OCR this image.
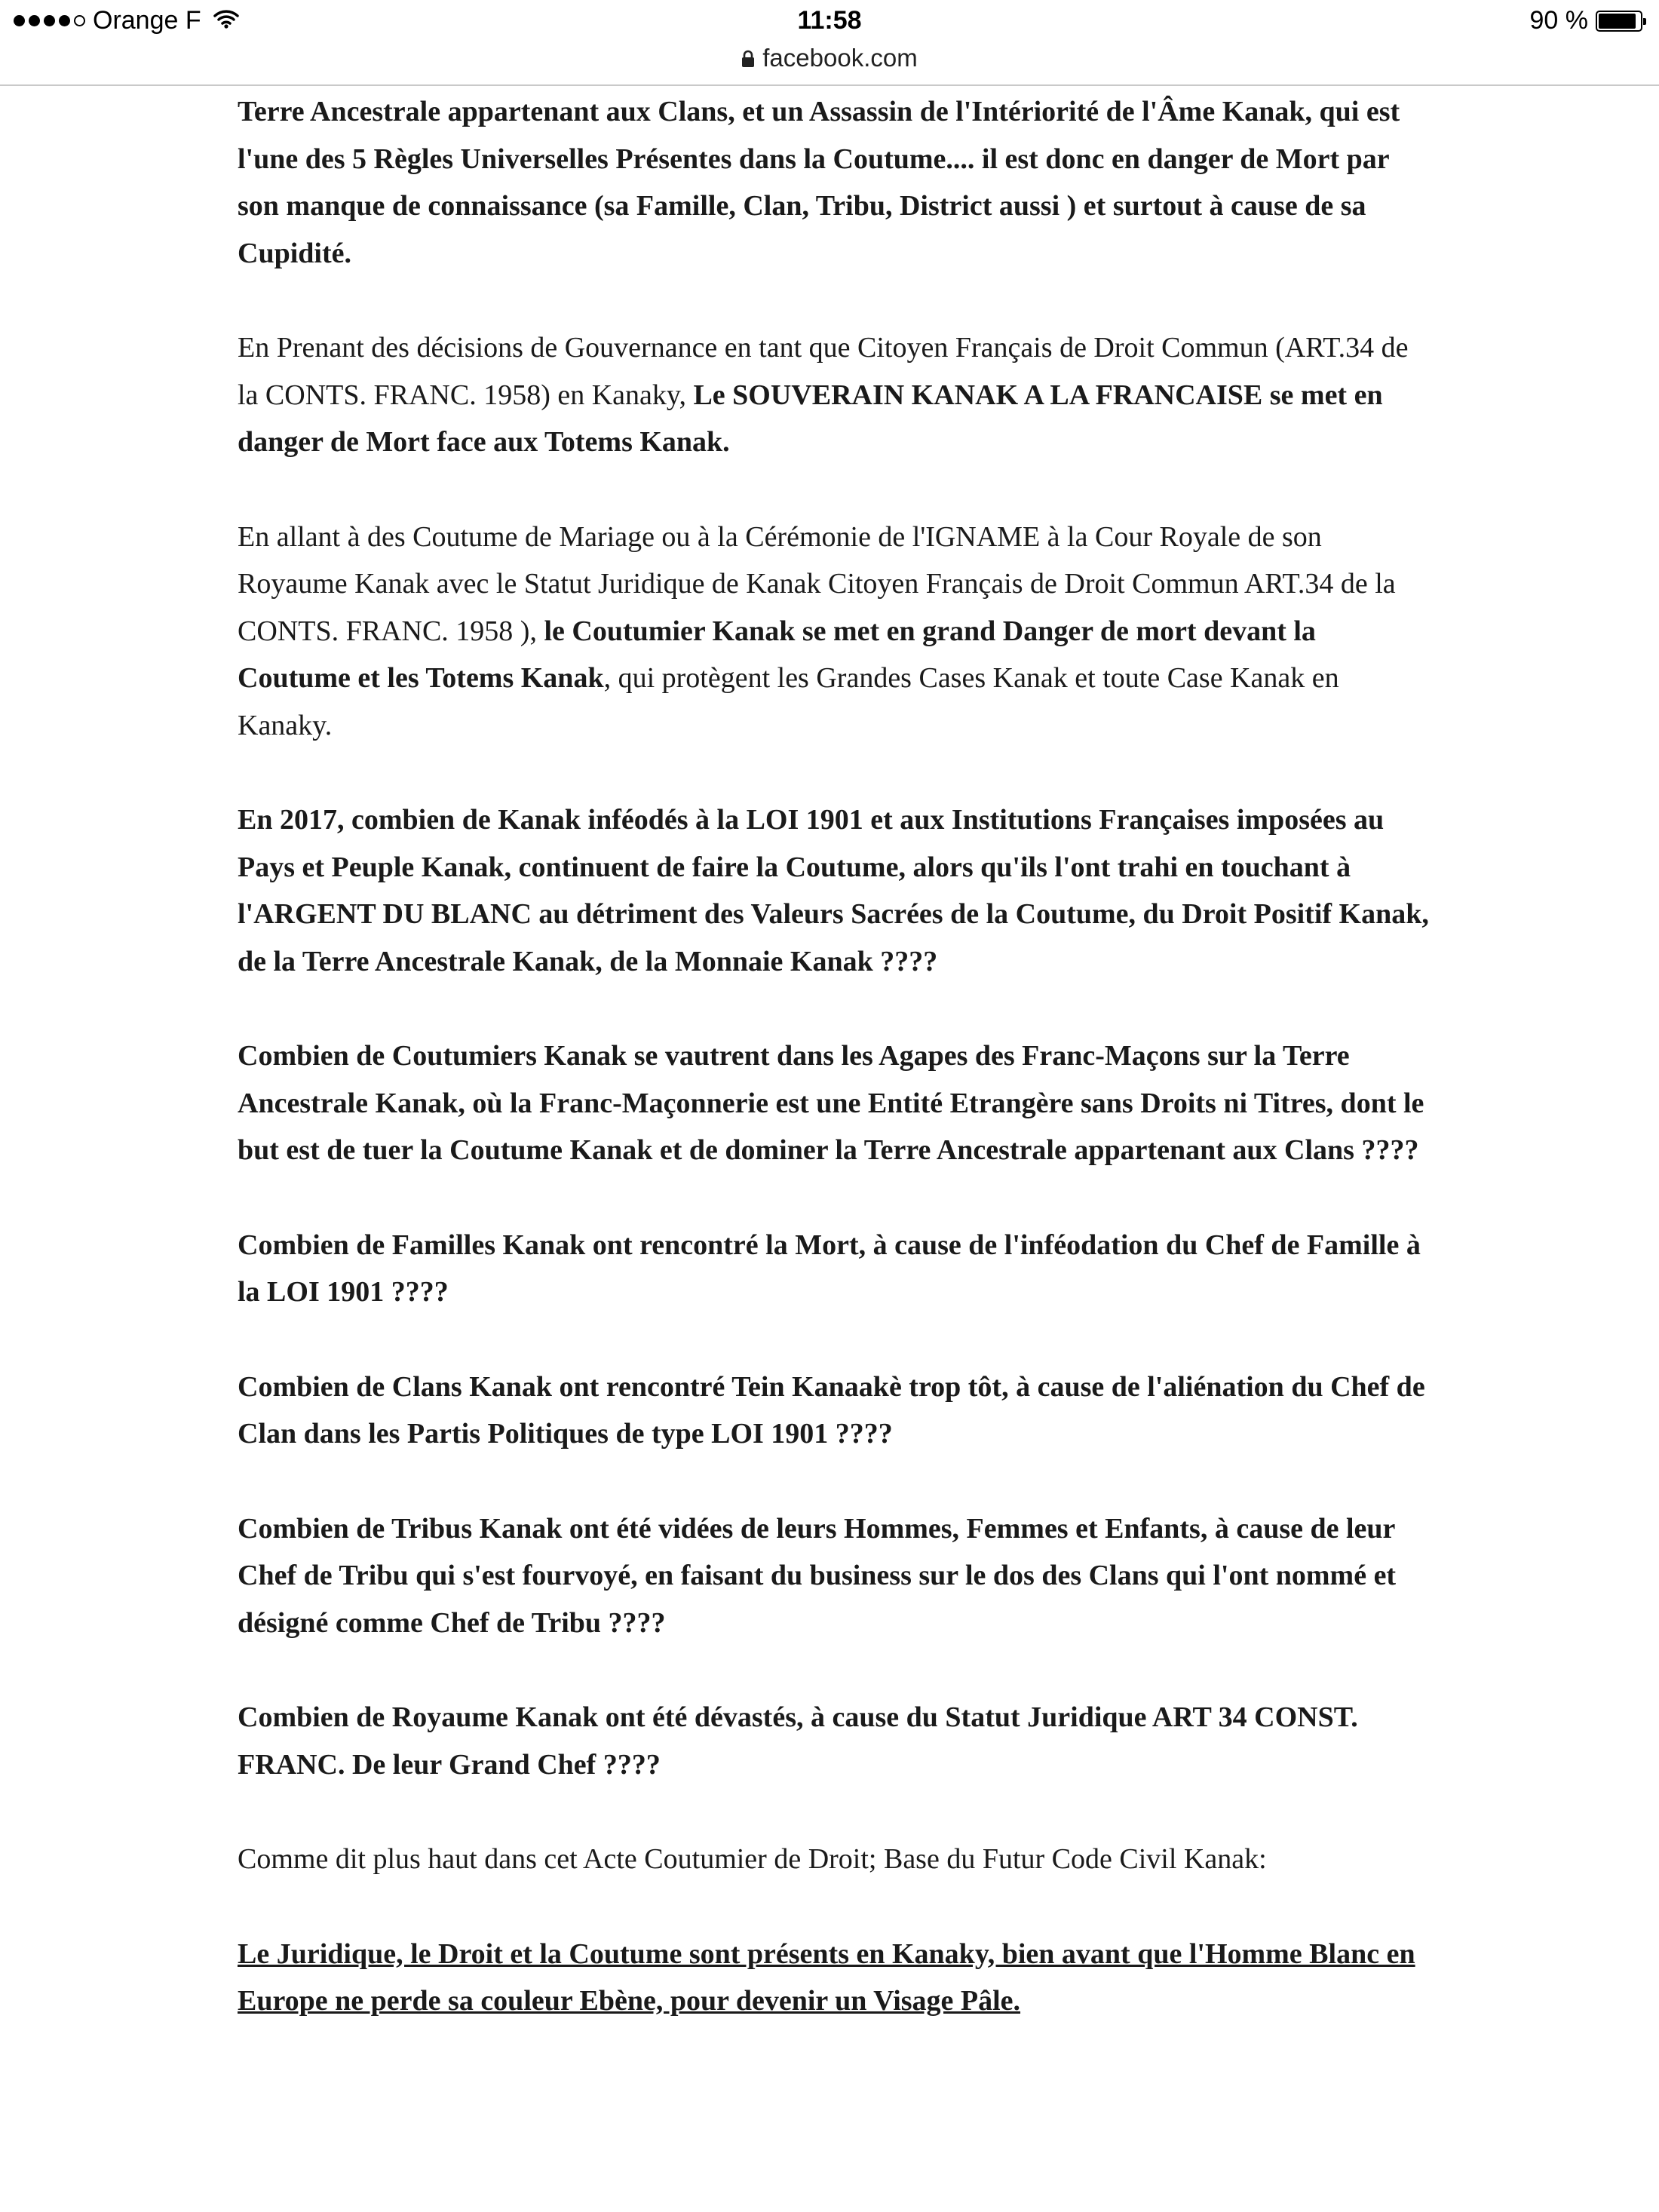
Orange F	11:58	90 %
facebook.com

Terre Ancestrale appartenant aux Clans, et un Assassin de l'Intériorité de l'Âme Kanak, qui est l'une des 5 Règles Universelles Présentes dans la Coutume.... il est donc en danger de Mort par son manque de connaissance (sa Famille, Clan, Tribu, District aussi ) et surtout à cause de sa Cupidité.

En Prenant des décisions de Gouvernance en tant que Citoyen Français de Droit Commun (ART.34 de la CONTS. FRANC. 1958) en Kanaky, Le SOUVERAIN KANAK A LA FRANCAISE se met en danger de Mort face aux Totems Kanak.

En allant à des Coutume de Mariage ou à la Cérémonie de l'IGNAME à la Cour Royale de son Royaume Kanak avec le Statut Juridique de Kanak Citoyen Français de Droit Commun ART.34 de la CONTS. FRANC. 1958 ), le Coutumier Kanak se met en grand Danger de mort devant la Coutume et les Totems Kanak, qui protègent les Grandes Cases Kanak et toute Case Kanak en Kanaky.

En 2017, combien de Kanak inféodés à la LOI 1901 et aux Institutions Françaises imposées au Pays et Peuple Kanak, continuent de faire la Coutume, alors qu'ils l'ont trahi en touchant à l'ARGENT DU BLANC au détriment des Valeurs Sacrées de la Coutume, du Droit Positif Kanak, de la Terre Ancestrale Kanak, de la Monnaie Kanak ????

Combien de Coutumiers Kanak se vautrent dans les Agapes des Franc-Maçons sur la Terre Ancestrale Kanak, où la Franc-Maçonnerie est une Entité Etrangère sans Droits ni Titres, dont le but est de tuer la Coutume Kanak et de dominer la Terre Ancestrale appartenant aux Clans ????

Combien de Familles Kanak ont rencontré la Mort, à cause de l'inféodation du Chef de Famille à la LOI 1901 ????

Combien de Clans Kanak ont rencontré Tein Kanaakè trop tôt, à cause de l'aliénation du Chef de Clan dans les Partis Politiques de type LOI 1901 ????

Combien de Tribus Kanak ont été vidées de leurs Hommes, Femmes et Enfants, à cause de leur Chef de Tribu qui s'est fourvoyé, en faisant du business sur le dos des Clans qui l'ont nommé et désigné comme Chef de Tribu ????

Combien de Royaume Kanak ont été dévastés, à cause du Statut Juridique ART 34 CONST. FRANC. De leur Grand Chef ????

Comme dit plus haut dans cet Acte Coutumier de Droit; Base du Futur Code Civil Kanak:

Le Juridique, le Droit et la Coutume sont présents en Kanaky, bien avant que l'Homme Blanc en Europe ne perde sa couleur Ebène, pour devenir un Visage Pâle.
